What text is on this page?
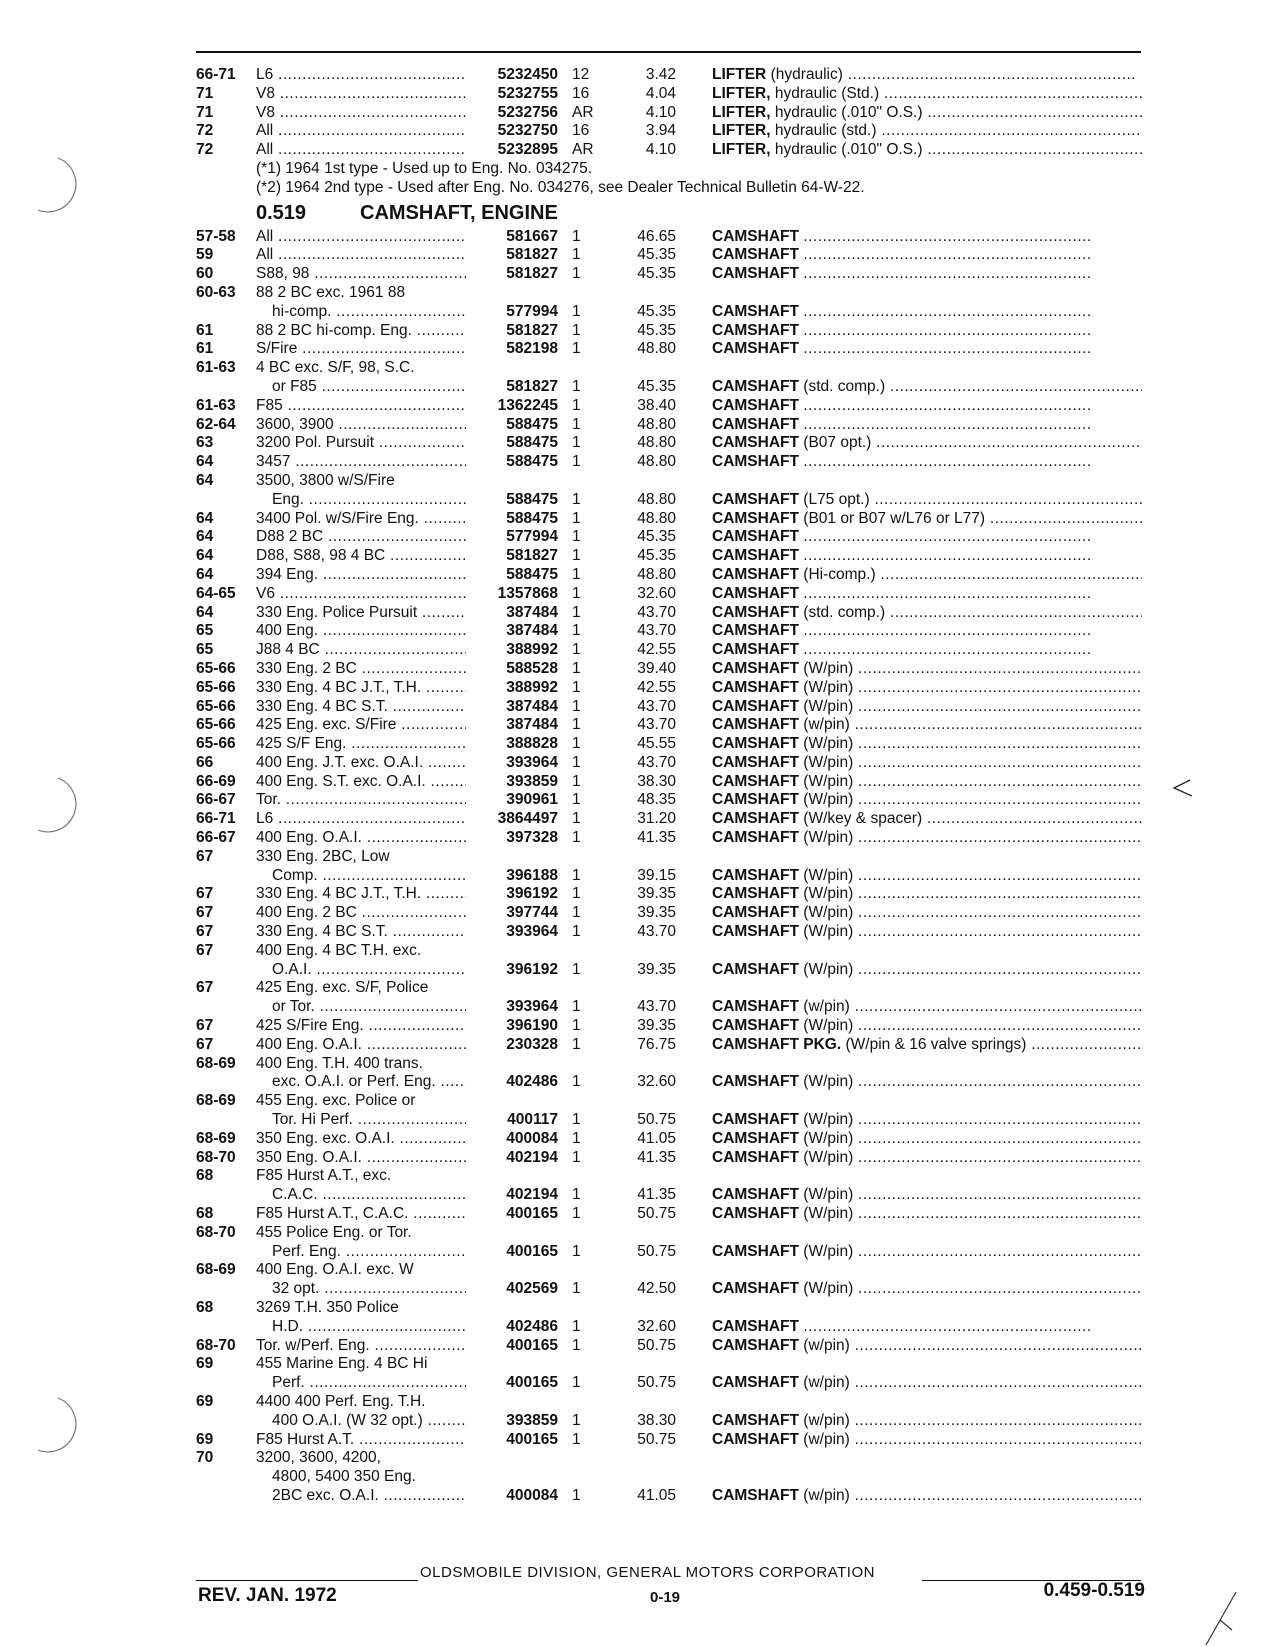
66-71 L6 .....	5232450 12	3.42 LIFTER (hydraulic) .....
71	V8 .....	5232755 16	4.04 LIFTER, hydraulic (Std.) .....
71	V8 .....	5232756 AR	4.10 LIFTER, hydraulic (.010" O.S.) .....
72	All .....	5232750 16	3.94 LIFTER, hydraulic (std.) .....
72	All .....	5232895 AR	4.10 LIFTER, hydraulic (.010" O.S.) .....
(*1) 1964 1st type - Used up to Eng. No. 034275.
(*2) 1964 2nd type - Used after Eng. No. 034276, see Dealer Technical Bulletin 64-W-22.
0.519	CAMSHAFT, ENGINE
57-58 All .....	581667 1	46.65 CAMSHAFT .....
59	All .....	581827 1	45.35 CAMSHAFT .....
60	S88, 98 .....	581827 1	45.35 CAMSHAFT .....
60-63 88 2 BC exc. 1961 88
hi-comp. .....	577994 1	45.35 CAMSHAFT .....
61	88 2 BC hi-comp. Eng. .....	581827 1	45.35 CAMSHAFT .....
61	S/Fire .....	582198 1	48.80 CAMSHAFT .....
61-63 4 BC exc. S/F, 98, S.C.
or F85 .....	581827 1	45.35 CAMSHAFT (std. comp.) .....
61-63 F85 .....	1362245 1	38.40 CAMSHAFT .....
62-64 3600, 3900 .....	588475 1	48.80 CAMSHAFT .....
63	3200 Pol. Pursuit .....	588475 1	48.80 CAMSHAFT (B07 opt.) .....
64	3457 .....	588475 1	48.80 CAMSHAFT .....
64	3500, 3800 w/S/Fire
Eng. .....	588475 1	48.80 CAMSHAFT (L75 opt.) .....
64	3400 Pol. w/S/Fire Eng. .....	588475 1	48.80 CAMSHAFT (B01 or B07 w/L76 or L77) .....
64	D88 2 BC .....	577994 1	45.35 CAMSHAFT .....
64	D88, S88, 98 4 BC .....	581827 1	45.35 CAMSHAFT .....
64	394 Eng. .....	588475 1	48.80 CAMSHAFT (Hi-comp.) .....
64-65 V6 .....	1357868 1	32.60 CAMSHAFT .....
64	330 Eng. Police Pursuit .....	387484 1	43.70 CAMSHAFT (std. comp.) .....
65	400 Eng. .....	387484 1	43.70 CAMSHAFT .....
65	J88 4 BC .....	388992 1	42.55 CAMSHAFT .....
65-66 330 Eng. 2 BC .....	588528 1	39.40 CAMSHAFT (W/pin) .....
65-66 330 Eng. 4 BC J.T., T.H. .....	388992 1	42.55 CAMSHAFT (W/pin) .....
65-66 330 Eng. 4 BC S.T. .....	387484 1	43.70 CAMSHAFT (W/pin) .....
65-66 425 Eng. exc. S/Fire .....	387484 1	43.70 CAMSHAFT (w/pin) .....
65-66 425 S/F Eng. .....	388828 1	45.55 CAMSHAFT (W/pin) .....
66	400 Eng. J.T. exc. O.A.I. .....	393964 1	43.70 CAMSHAFT (W/pin) .....
66-69 400 Eng. S.T. exc. O.A.I. .....	393859 1	38.30 CAMSHAFT (W/pin) .....
66-67 Tor. .....	390961 1	48.35 CAMSHAFT (W/pin) .....
66-71 L6 .....	3864497 1	31.20 CAMSHAFT (W/key & spacer) .....
66-67 400 Eng. O.A.I. .....	397328 1	41.35 CAMSHAFT (W/pin) .....
67	330 Eng. 2BC, Low
Comp. .....	396188 1	39.15 CAMSHAFT (W/pin) .....
67	330 Eng. 4 BC J.T., T.H. .....	396192 1	39.35 CAMSHAFT (W/pin) .....
67	400 Eng. 2 BC .....	397744 1	39.35 CAMSHAFT (W/pin) .....
67	330 Eng. 4 BC S.T. .....	393964 1	43.70 CAMSHAFT (W/pin) .....
67	400 Eng. 4 BC T.H. exc.
O.A.I. .....	396192 1	39.35 CAMSHAFT (W/pin) .....
67	425 Eng. exc. S/F, Police
or Tor. .....	393964 1	43.70 CAMSHAFT (w/pin) .....
67	425 S/Fire Eng. .....	396190 1	39.35 CAMSHAFT (W/pin) .....
67	400 Eng. O.A.I. .....	230328 1	76.75 CAMSHAFT PKG. (W/pin & 16 valve springs) .....
68-69 400 Eng. T.H. 400 trans.
exc. O.A.I. or Perf. Eng. .....	402486 1	32.60 CAMSHAFT (W/pin) .....
68-69 455 Eng. exc. Police or
Tor. Hi Perf. .....	400117 1	50.75 CAMSHAFT (W/pin) .....
68-69 350 Eng. exc. O.A.I. .....	400084 1	41.05 CAMSHAFT (W/pin) .....
68-70 350 Eng. O.A.I. .....	402194 1	41.35 CAMSHAFT (W/pin) .....
68	F85 Hurst A.T., exc.
C.A.C. .....	402194 1	41.35 CAMSHAFT (W/pin) .....
68	F85 Hurst A.T., C.A.C. .....	400165 1	50.75 CAMSHAFT (W/pin) .....
68-70 455 Police Eng. or Tor.
Perf. Eng. .....	400165 1	50.75 CAMSHAFT (W/pin) .....
68-69 400 Eng. O.A.I. exc. W
32 opt. .....	402569 1	42.50 CAMSHAFT (W/pin) .....
68	3269 T.H. 350 Police
H.D. .....	402486 1	32.60 CAMSHAFT .....
68-70 Tor. w/Perf. Eng. .....	400165 1	50.75 CAMSHAFT (w/pin) .....
69	455 Marine Eng. 4 BC Hi
Perf. .....	400165 1	50.75 CAMSHAFT (w/pin) .....
69	4400 400 Perf. Eng. T.H.
400 O.A.I. (W 32 opt.) .....	393859 1	38.30 CAMSHAFT (w/pin) .....
69	F85 Hurst A.T. .....	400165 1	50.75 CAMSHAFT (w/pin) .....
70	3200, 3600, 4200,
4800, 5400 350 Eng.
2BC exc. O.A.I. .....	400084 1	41.05 CAMSHAFT (w/pin) .....
OLDSMOBILE DIVISION, GENERAL MOTORS CORPORATION
REV. JAN. 1972	0-19	0.459-0.519
